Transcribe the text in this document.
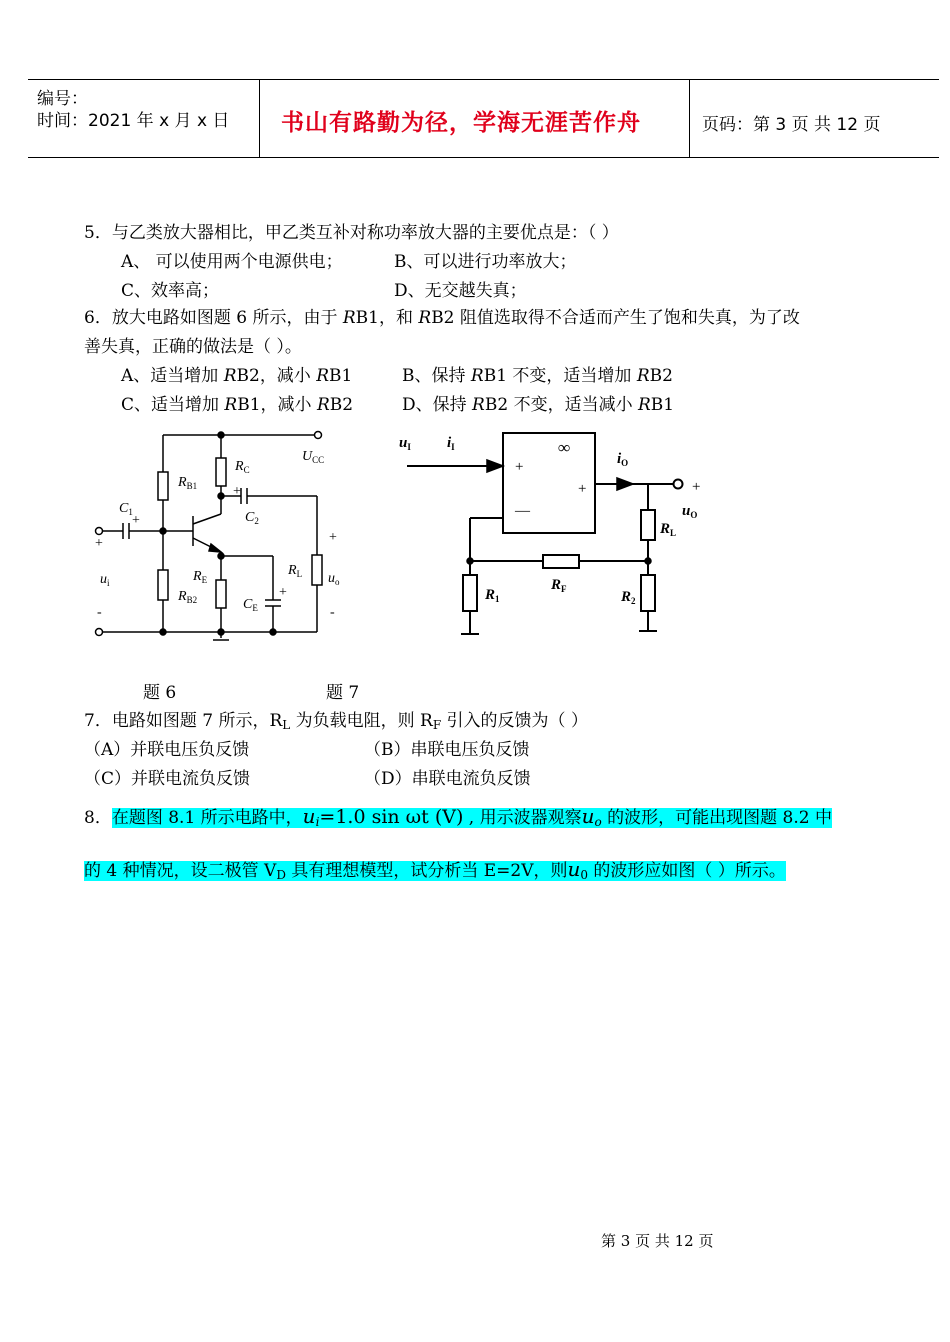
编号：
时间：2021 年 x 月 x 日 书山有路勤为径，学海无涯苦作舟	页码：第 3 页 共 12 页
5．与乙类放大器相比，甲乙类互补对称功率放大器的主要优点是：（ ）
A、 可以使用两个电源供电；	B、可以进行功率放大；
C、效率高；	D、无交越失真；
6．放大电路如图题 6 所示，由于 RB1，和 RB2 阻值选取得不合适而产生了饱和失真，为了改
善失真，正确的做法是（ ）。
A、适当增加 RB2，减小 RB1	B、保持 RB1 不变，适当增加 RB2
C、适当增加 RB1，减小 RB2	D、保持 RB2 不变，适当减小 RB1
$R_{B1}$
$R_C$
$U_{CC}$
+
$C_2$
$C_1$
+
+
$u_i$
-
$R_E$
$R_{B2}$	$C_E$
+
$R_L$
+
$u_o$
-
$u_I$ $i_I$	∞
+
+
—
$i_O$
+
$u_O$
$R_L$
$R_F$
$R_1$	$R_2$
题 6	题 7
7．电路如图题 7 所示，$R_L$ 为负载电阻，则 $R_F$ 引入的反馈为（ ）
（A）并联电压负反馈	（B）串联电压负反馈
（C）并联电流负反馈	（D）串联电流负反馈
8．在题图 8.1 所示电路中，$u_i=1.0$ sin ωt (V) , 用示波器观察$u_o$ 的波形，可能出现图题 8.2 中
的 4 种情况，设二极管 $V_D$ 具有理想模型，试分析当 E=2V，则$u_0$ 的波形应如图（ ）所示。
第 3 页 共 12 页
